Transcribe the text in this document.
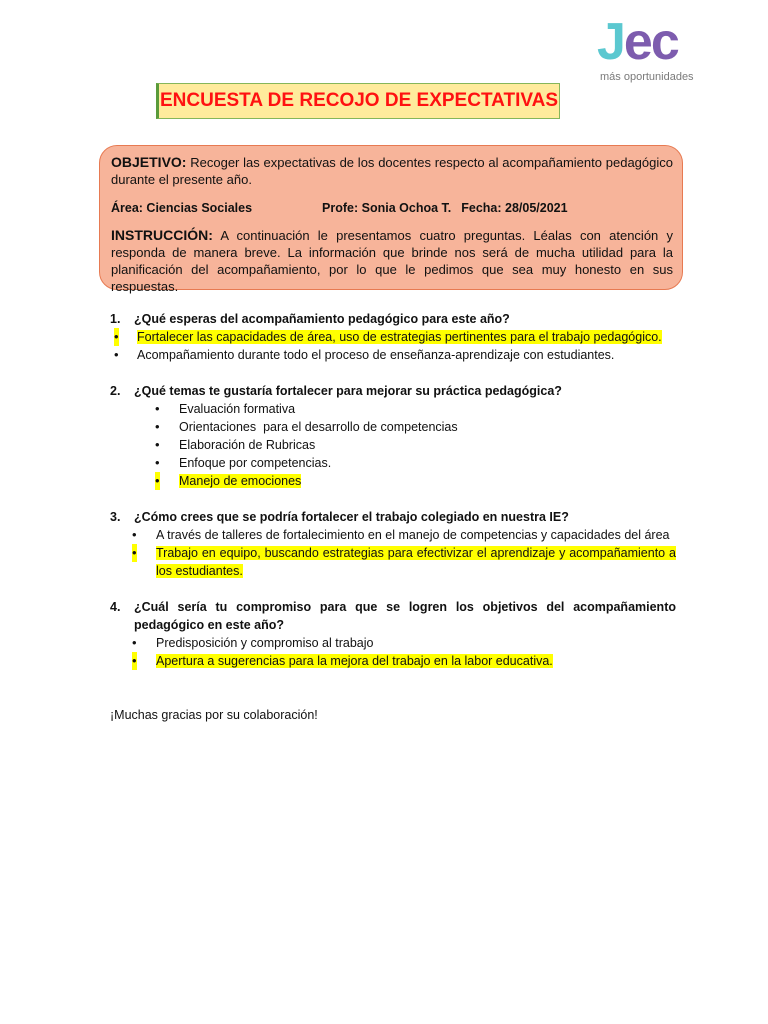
Jec
más oportunidades
ENCUESTA DE RECOJO DE EXPECTATIVAS

OBJETIVO: Recoger las expectativas de los docentes respecto al acompañamiento pedagógico durante el presente año.

Área: Ciencias Sociales	Profe: Sonia Ochoa T. Fecha: 28/05/2021

INSTRUCCIÓN: A continuación le presentamos cuatro preguntas. Léalas con atención y responda de manera breve. La información que brinde nos será de mucha utilidad para la planificación del acompañamiento, por lo que le pedimos que sea muy honesto en sus respuestas.

1. ¿Qué esperas del acompañamiento pedagógico para este año?

• Fortalecer las capacidades de área, uso de estrategias pertinentes para el trabajo pedagógico.
• Acompañamiento durante todo el proceso de enseñanza-aprendizaje con estudiantes.

2. ¿Qué temas te gustaría fortalecer para mejorar su práctica pedagógica?

• Evaluación formativa
• Orientaciones  para el desarrollo de competencias
• Elaboración de Rubricas
• Enfoque por competencias.
• Manejo de emociones

3. ¿Cómo crees que se podría fortalecer el trabajo colegiado en nuestra IE?

• A través de talleres de fortalecimiento en el manejo de competencias y capacidades del área
• Trabajo en equipo, buscando estrategias para efectivizar el aprendizaje y acompañamiento a los estudiantes.

4. ¿Cuál sería tu compromiso para que se logren los objetivos del acompañamiento pedagógico en este año?

• Predisposición y compromiso al trabajo
• Apertura a sugerencias para la mejora del trabajo en la labor educativa.

¡Muchas gracias por su colaboración!
